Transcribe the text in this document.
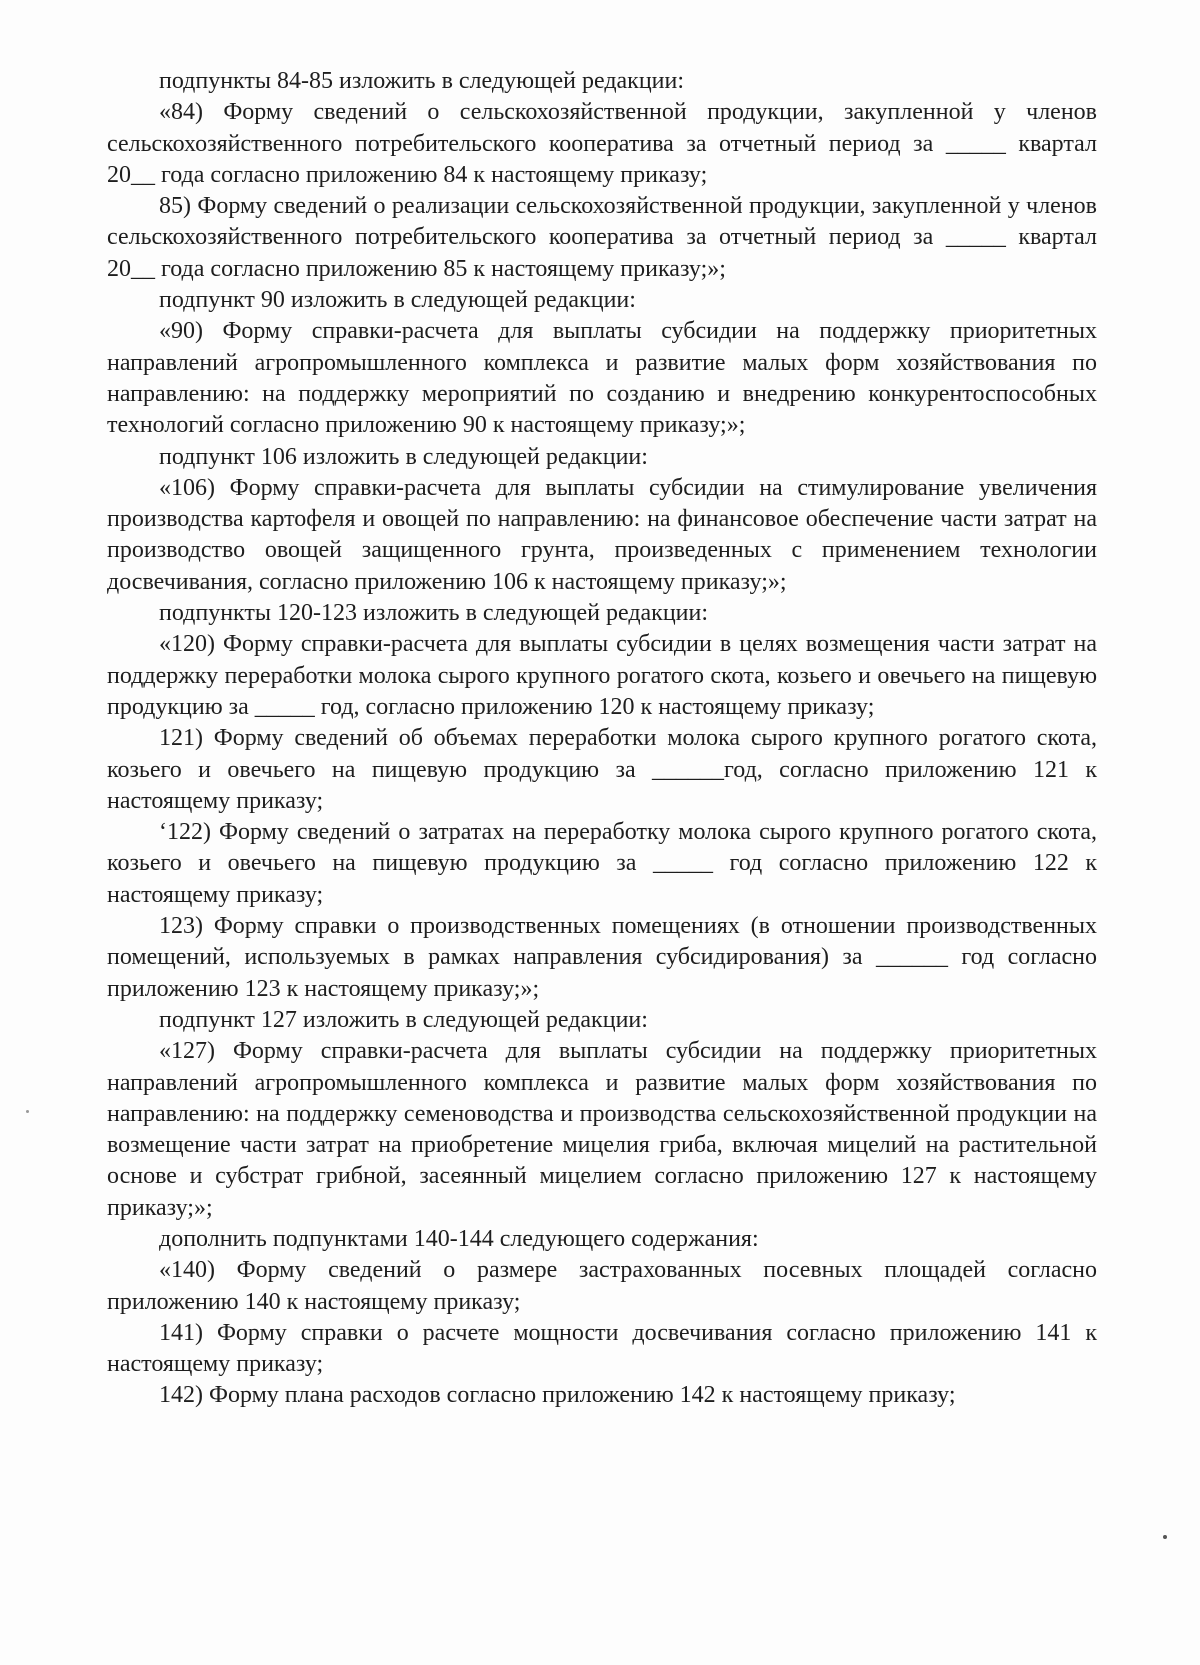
подпункты 84-85 изложить в следующей редакции:

«84) Форму сведений о сельскохозяйственной продукции, закупленной у членов сельскохозяйственного потребительского кооператива за отчетный период за _____ квартал 20__ года согласно приложению 84 к настоящему приказу;

85) Форму сведений о реализации сельскохозяйственной продукции, закупленной у членов сельскохозяйственного потребительского кооператива за отчетный период за _____ квартал 20__ года согласно приложению 85 к настоящему приказу;»;

подпункт 90 изложить в следующей редакции:

«90) Форму справки-расчета для выплаты субсидии на поддержку приоритетных направлений агропромышленного комплекса и развитие малых форм хозяйствования по направлению: на поддержку мероприятий по созданию и внедрению конкурентоспособных технологий согласно приложению 90 к настоящему приказу;»;

подпункт 106 изложить в следующей редакции:

«106) Форму справки-расчета для выплаты субсидии на стимулирование увеличения производства картофеля и овощей по направлению: на финансовое обеспечение части затрат на производство овощей защищенного грунта, произведенных с применением технологии досвечивания, согласно приложению 106 к настоящему приказу;»;

подпункты 120-123 изложить в следующей редакции:

«120) Форму справки-расчета для выплаты субсидии в целях возмещения части затрат на поддержку переработки молока сырого крупного рогатого скота, козьего и овечьего на пищевую продукцию за _____ год, согласно приложению 120 к настоящему приказу;

121) Форму сведений об объемах переработки молока сырого крупного рогатого скота, козьего и овечьего на пищевую продукцию за ______год, согласно приложению 121 к настоящему приказу;

‘122) Форму сведений о затратах на переработку молока сырого крупного рогатого скота, козьего и овечьего на пищевую продукцию за _____ год согласно приложению 122 к настоящему приказу;

123) Форму справки о производственных помещениях (в отношении производственных помещений, используемых в рамках направления субсидирования) за ______ год согласно приложению 123 к настоящему приказу;»;

подпункт 127 изложить в следующей редакции:

«127) Форму справки-расчета для выплаты субсидии на поддержку приоритетных направлений агропромышленного комплекса и развитие малых форм хозяйствования по направлению: на поддержку семеноводства и производства сельскохозяйственной продукции на возмещение части затрат на приобретение мицелия гриба, включая мицелий на растительной основе и субстрат грибной, засеянный мицелием согласно приложению 127 к настоящему приказу;»;

дополнить подпунктами 140-144 следующего содержания:

«140) Форму сведений о размере застрахованных посевных площадей согласно приложению 140 к настоящему приказу;

141) Форму справки о расчете мощности досвечивания согласно приложению 141 к настоящему приказу;

142) Форму плана расходов согласно приложению 142 к настоящему приказу;
